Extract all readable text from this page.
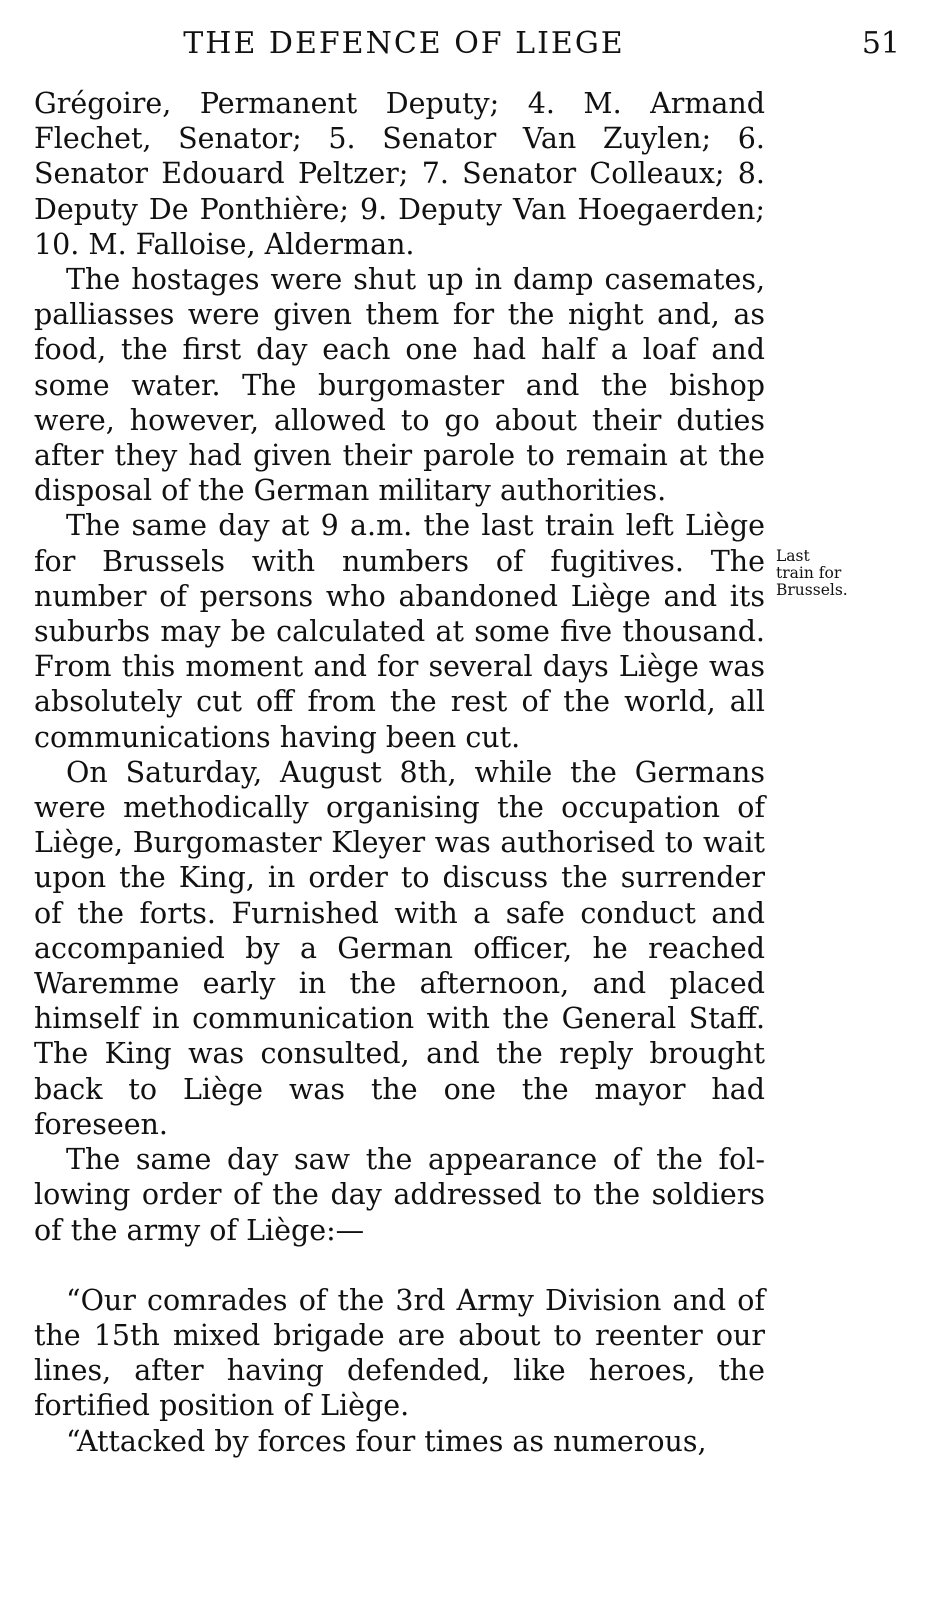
THE DEFENCE OF LIEGE	51

Grégoire, Permanent Deputy; 4. M. Armand Flechet, Senator; 5. Senator Van Zuylen; 6. Senator Edouard Peltzer; 7. Senator Colleaux; 8. Deputy De Ponthière; 9. Deputy Van Hoegaerden; 10. M. Falloise, Alderman.

The hostages were shut up in damp casemates, palliasses were given them for the night and, as food, the first day each one had half a loaf and some water. The burgomaster and the bishop were, however, allowed to go about their duties after they had given their parole to remain at the disposal of the German military authorities.

The same day at 9 a.m. the last train left Liège for Brussels with numbers of fugitives. The number of persons who abandoned Liège and its suburbs may be calculated at some five thousand. From this moment and for several days Liège was absolutely cut off from the rest of the world, all communications having been cut.

On Saturday, August 8th, while the Germans were methodically organising the occupation of Liège, Burgomaster Kleyer was authorised to wait upon the King, in order to discuss the surrender of the forts. Furnished with a safe conduct and accompanied by a German officer, he reached Waremme early in the afternoon, and placed himself in communication with the General Staff. The King was consulted, and the reply brought back to Liège was the one the mayor had foreseen.

The same day saw the appearance of the following order of the day addressed to the soldiers of the army of Liège:—

“Our comrades of the 3rd Army Division and of the 15th mixed brigade are about to reenter our lines, after having defended, like heroes, the fortified position of Liège.

“Attacked by forces four times as numerous,

Last
train for
Brussels.
